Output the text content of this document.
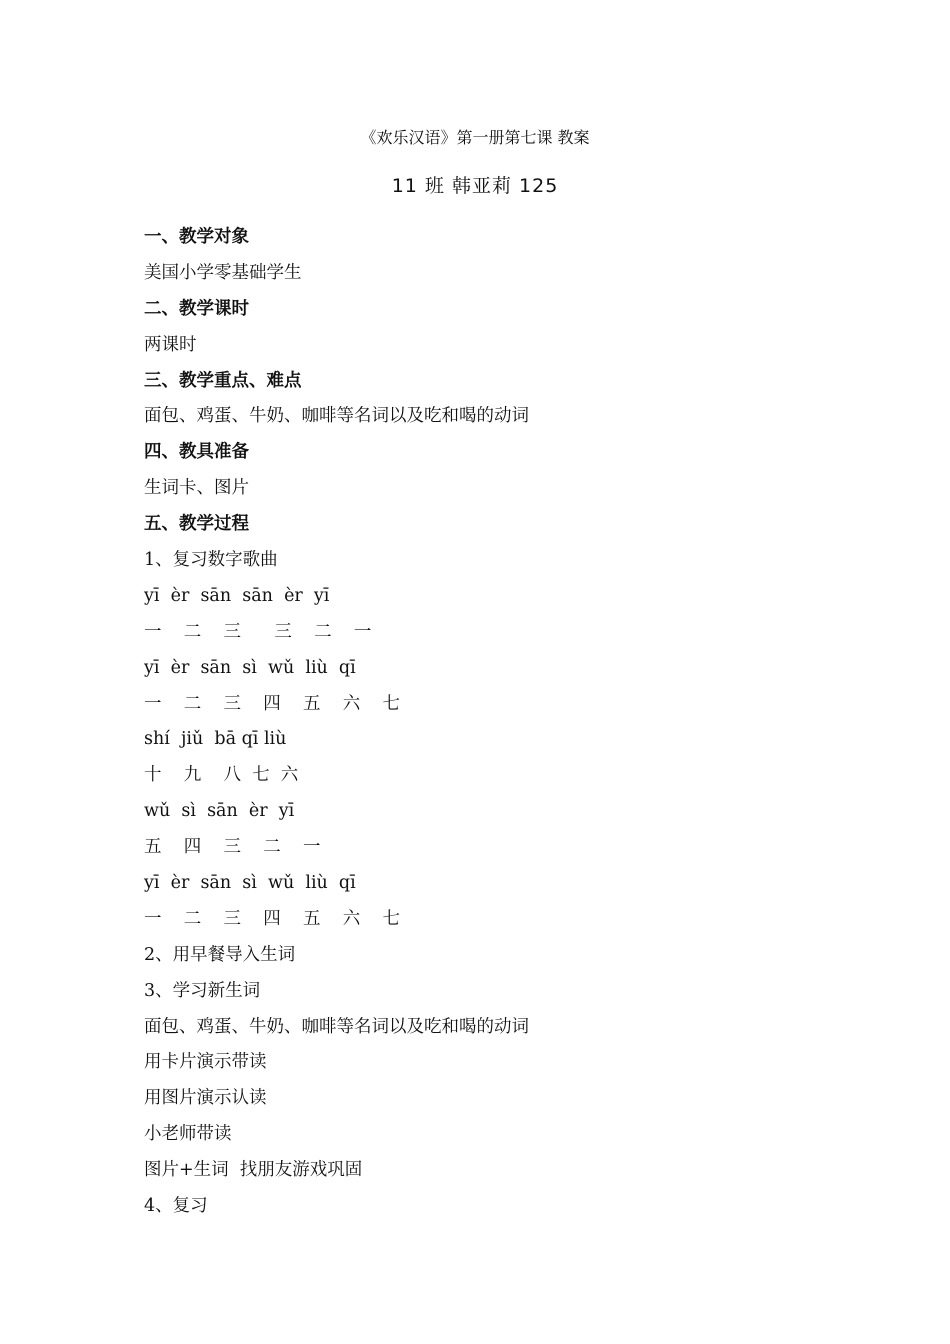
《欢乐汉语》第一册第七课 教案
11 班 韩亚莉 125
一、教学对象
美国小学零基础学生
二、教学课时
两课时
三、教学重点、难点
面包、鸡蛋、牛奶、咖啡等名词以及吃和喝的动词
四、教具准备
生词卡、图片
五、教学过程
1、复习数字歌曲
yī  èr  sān  sān  èr  yī
一    二    三      三    二    一
yī  èr  sān  sì  wǔ  liù  qī
一    二    三    四    五    六    七
shí  jiǔ  bā qī liù
十    九    八  七  六
wǔ  sì  sān  èr  yī
五    四    三    二    一
yī  èr  sān  sì  wǔ  liù  qī
一    二    三    四    五    六    七
2、用早餐导入生词
3、学习新生词
面包、鸡蛋、牛奶、咖啡等名词以及吃和喝的动词
用卡片演示带读
用图片演示认读
小老师带读
图片+生词  找朋友游戏巩固
4、复习
